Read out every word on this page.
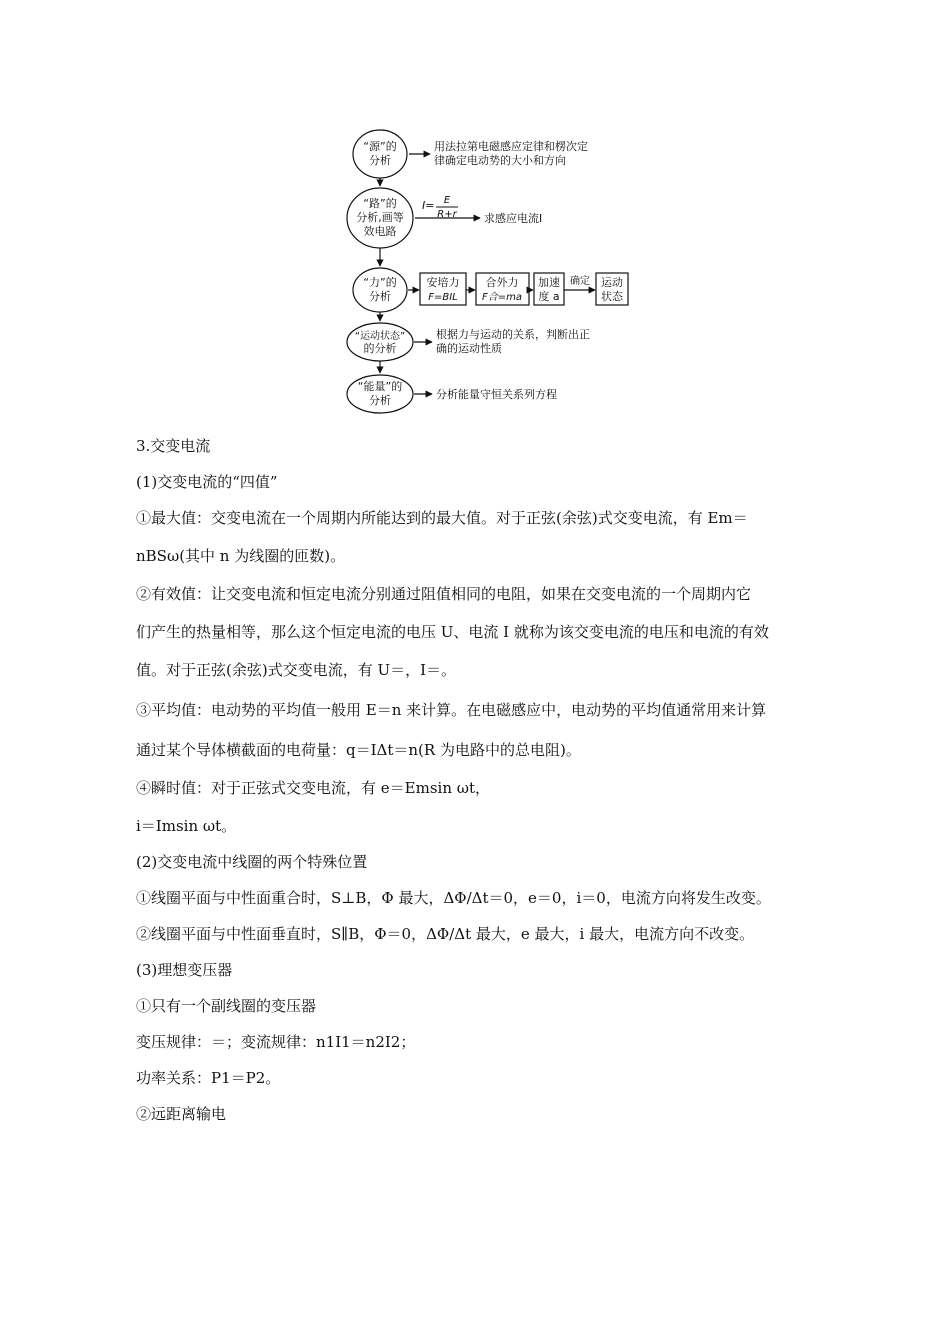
“源”的
分析
用法拉第电磁感应定律和楞次定
律确定电动势的大小和方向
“路”的
分析,画等
效电路
I= E
R+r 求感应电流I
“力”的
分析
安培力
F=BIL
合外力
F合=ma
加速
度 a
确定 运动
状态
“运动状态”
的分析
根据力与运动的关系，判断出正
确的运动性质
“能量”的
分析	分析能量守恒关系列方程
3.交变电流
(1)交变电流的“四值”
①最大值：交变电流在一个周期内所能达到的最大值。对于正弦(余弦)式交变电流，有 Em＝
nBSω(其中 n 为线圈的匝数)。
②有效值：让交变电流和恒定电流分别通过阻值相同的电阻，如果在交变电流的一个周期内它
们产生的热量相等，那么这个恒定电流的电压 U、电流 I 就称为该交变电流的电压和电流的有效
值。对于正弦(余弦)式交变电流，有 U＝，I＝。
③平均值：电动势的平均值一般用 E＝n 来计算。在电磁感应中，电动势的平均值通常用来计算
通过某个导体横截面的电荷量：q＝IΔt＝n(R 为电路中的总电阻)。
④瞬时值：对于正弦式交变电流，有 e＝Emsin ωt，
i＝Imsin ωt。
(2)交变电流中线圈的两个特殊位置
①线圈平面与中性面重合时，S⊥B，Φ 最大，ΔΦ/Δt＝0，e＝0，i＝0，电流方向将发生改变。
②线圈平面与中性面垂直时，S∥B，Φ＝0，ΔΦ/Δt 最大，e 最大，i 最大，电流方向不改变。
(3)理想变压器
①只有一个副线圈的变压器
变压规律：＝；变流规律：n1I1＝n2I2；
功率关系：P1＝P2。
②远距离输电
